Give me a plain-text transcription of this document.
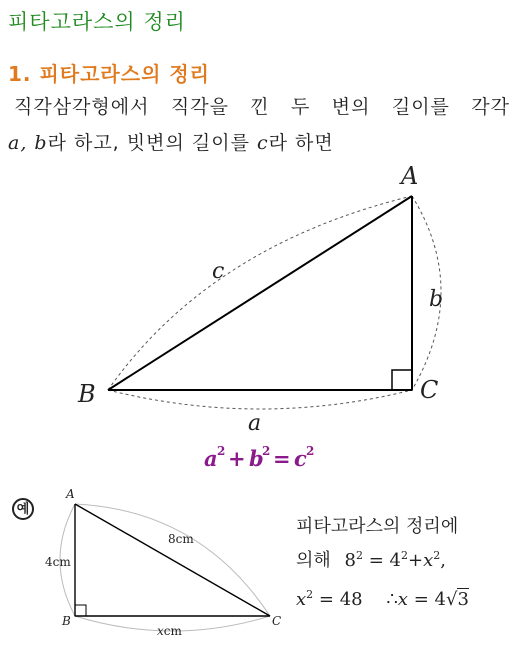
피타고라스의 정리
1. 피타고라스의 정리
직각삼각형에서 직각을 낀 두 변의 길이를 각각
a, b라 하고, 빗변의 길이를 c라 하면
A
B	C
c
b
a
a 2 + b
2 = c 2
A
B	C
8cm
4cm
xcm
예
피타고라스의 정리에
의해 $8^2 = 4^2+x^2$,
$x^2 = 48$ ∴x = 4√3
